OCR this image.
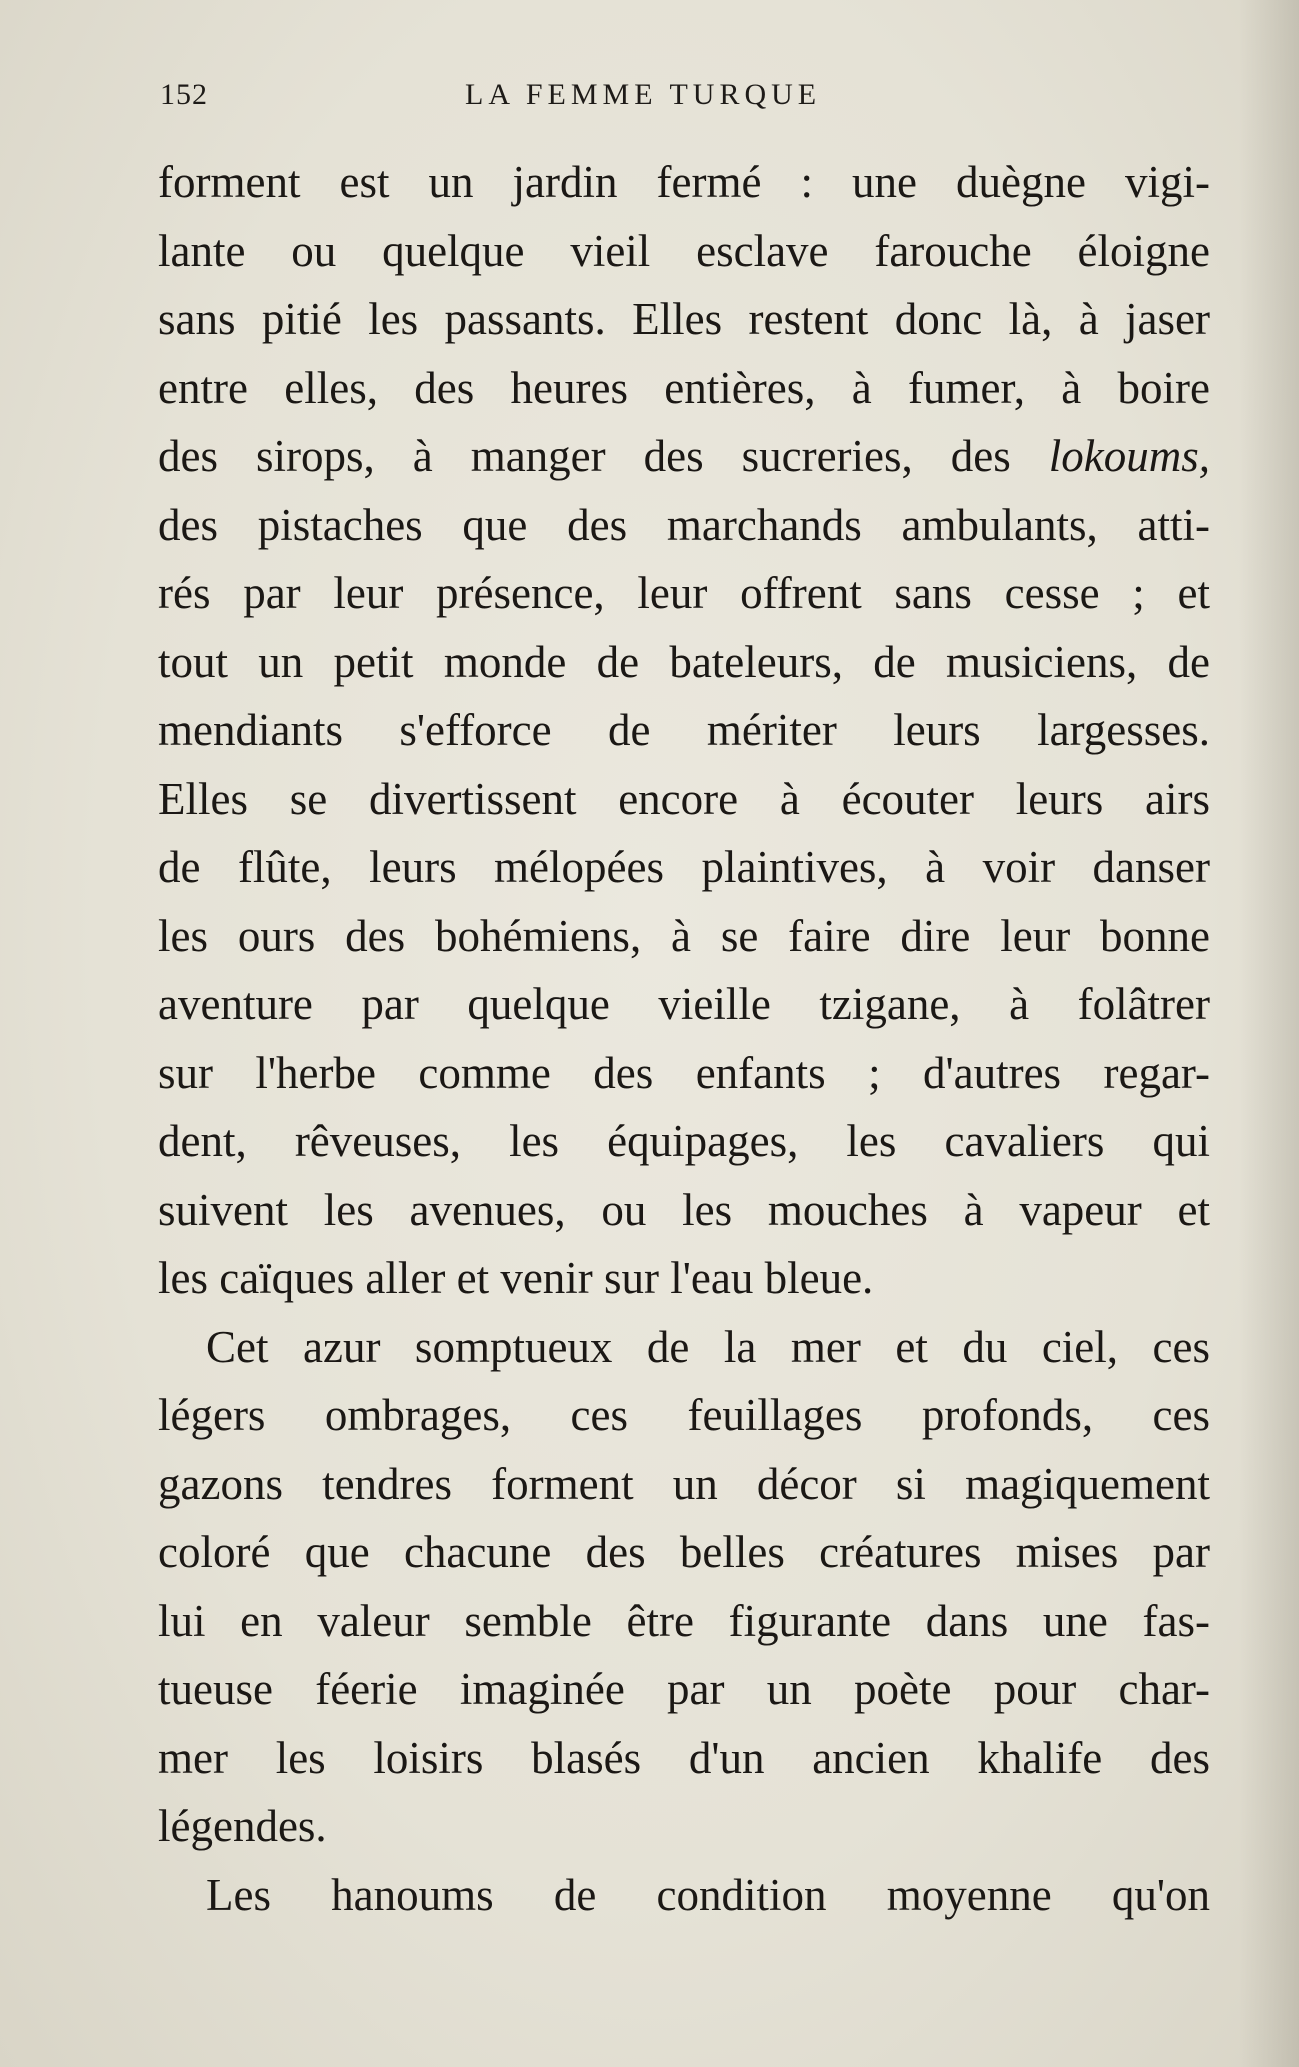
152	LA FEMME TURQUE
forment est un jardin fermé : une duègne vigi-
lante ou quelque vieil esclave farouche éloigne
sans pitié les passants. Elles restent donc là, à jaser
entre elles, des heures entières, à fumer, à boire
des sirops, à manger des sucreries, des lokoums,
des pistaches que des marchands ambulants, atti-
rés par leur présence, leur offrent sans cesse ; et
tout un petit monde de bateleurs, de musiciens, de
mendiants s'efforce de mériter leurs largesses.
Elles se divertissent encore à écouter leurs airs
de flûte, leurs mélopées plaintives, à voir danser
les ours des bohémiens, à se faire dire leur bonne
aventure par quelque vieille tzigane, à folâtrer
sur l'herbe comme des enfants ; d'autres regar-
dent, rêveuses, les équipages, les cavaliers qui
suivent les avenues, ou les mouches à vapeur et
les caïques aller et venir sur l'eau bleue.
Cet azur somptueux de la mer et du ciel, ces
légers ombrages, ces feuillages profonds, ces
gazons tendres forment un décor si magiquement
coloré que chacune des belles créatures mises par
lui en valeur semble être figurante dans une fas-
tueuse féerie imaginée par un poète pour char-
mer les loisirs blasés d'un ancien khalife des
légendes.
Les hanoums de condition moyenne qu'on
